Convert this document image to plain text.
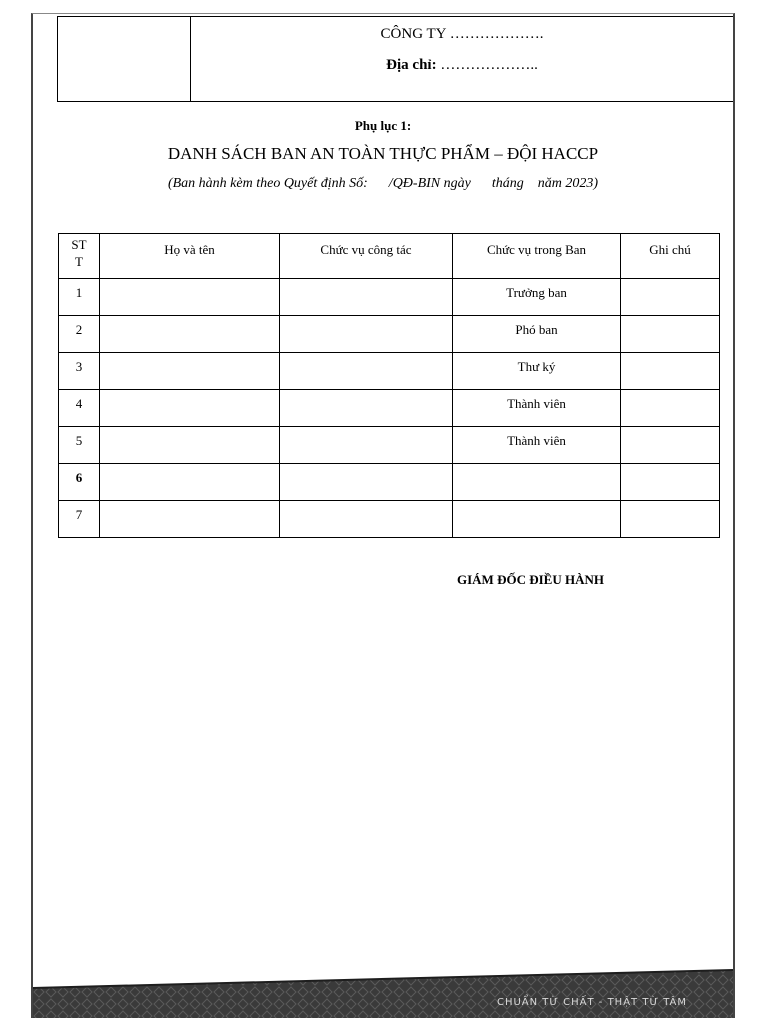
CÔNG TY ……………….
Địa chỉ: ………………..
Phụ lục 1:
DANH SÁCH BAN AN TOÀN THỰC PHẨM – ĐỘI HACCP
(Ban hành kèm theo Quyết định Số:      /QĐ-BIN ngày      tháng    năm 2023)
ST
T	Họ và tên	Chức vụ công tác	Chức vụ trong Ban	Ghi chú
1			Trưởng ban	
2			Phó ban	
3			Thư ký	
4			Thành viên	
5			Thành viên	
6				
7				
GIÁM ĐỐC ĐIỀU HÀNH
CHUẨN TỪ CHẤT - THẬT TỪ TÂM
